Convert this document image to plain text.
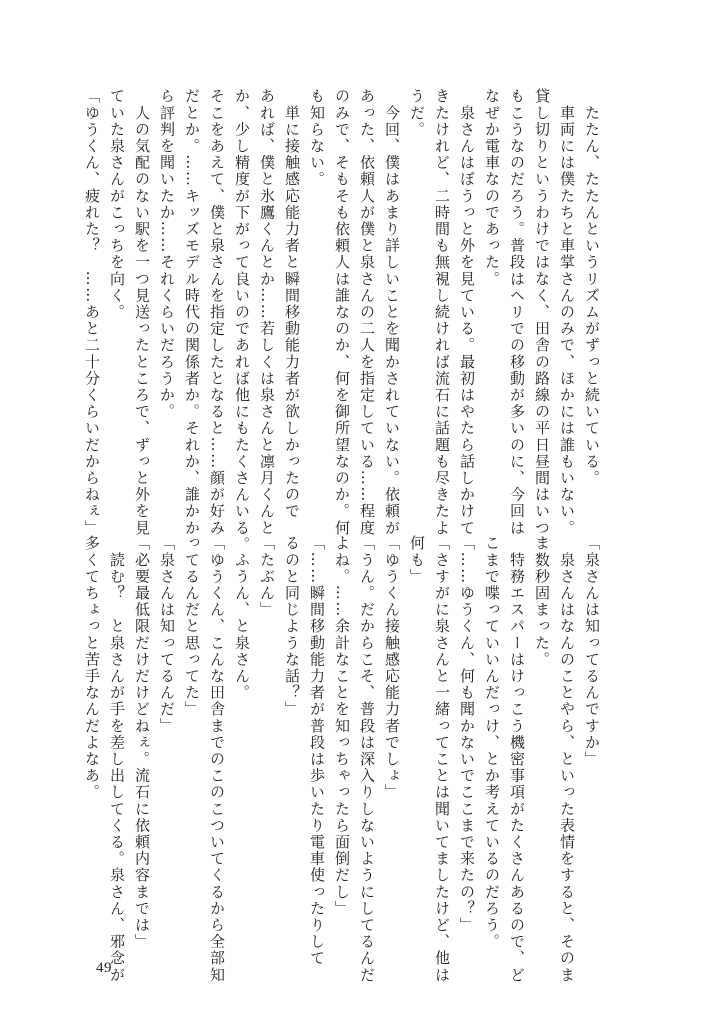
　たたん、たたんというリズムがずっと続いている。
　車両には僕たちと車掌さんのみで、ほかには誰もいない。
貸し切りというわけではなく、田舎の路線の平日昼間はいつ
もこうなのだろう。普段はヘリでの移動が多いのに、今回は
なぜか電車なのであった。
　泉さんはぼうっと外を見ている。最初はやたら話しかけて
きたけれど、二時間も無視し続ければ流石に話題も尽きたよ
うだ。
　今回、僕はあまり詳しいことを聞かされていない。依頼が
あった、依頼人が僕と泉さんの二人を指定している……程度
のみで、そもそも依頼人は誰なのか、何を御所望なのか。何
も知らない。
　単に接触感応能力者と瞬間移動能力者が欲しかったので
あれば、僕と氷鷹くんとか……若しくは泉さんと凛月くんと
か、少し精度が下がって良いのであれば他にもたくさんいる。
そこをあえて、僕と泉さんを指定したとなると……顔が好み
だとか。……キッズモデル時代の関係者か。それか、誰かか
ら評判を聞いたか……それくらいだろうか。
　人の気配のない駅を一つ見送ったところで、ずっと外を見
ていた泉さんがこっちを向く。
「ゆうくん、疲れた？　……あと二十分くらいだからねぇ」
「泉さんは知ってるんですか」
　泉さんはなんのことやら、といった表情をすると、そのま
ま数秒固まった。
　特務エスパーはけっこう機密事項がたくさんあるので、ど
こまで喋っていいんだっけ、とか考えているのだろう。
「……ゆうくん、何も聞かないでここまで来たの？」
「さすがに泉さんと一緒ってことは聞いてましたけど、他は
何も」
「ゆうくん接触感応能力者でしょ」
「うん。だからこそ、普段は深入りしないようにしてるんだ
よね。……余計なことを知っちゃったら面倒だし」
「……瞬間移動能力者が普段は歩いたり電車使ったりして
るのと同じような話？」
「たぶん」
　ふうん、と泉さん。
「ゆうくん、こんな田舎までのこのこついてくるから全部知
ってるんだと思ってた」
「泉さんは知ってるんだ」
「必要最低限だけだけどねぇ。流石に依頼内容までは」
　読む？　と泉さんが手を差し出してくる。泉さん、邪念が
多くてちょっと苦手なんだよなあ。
49
